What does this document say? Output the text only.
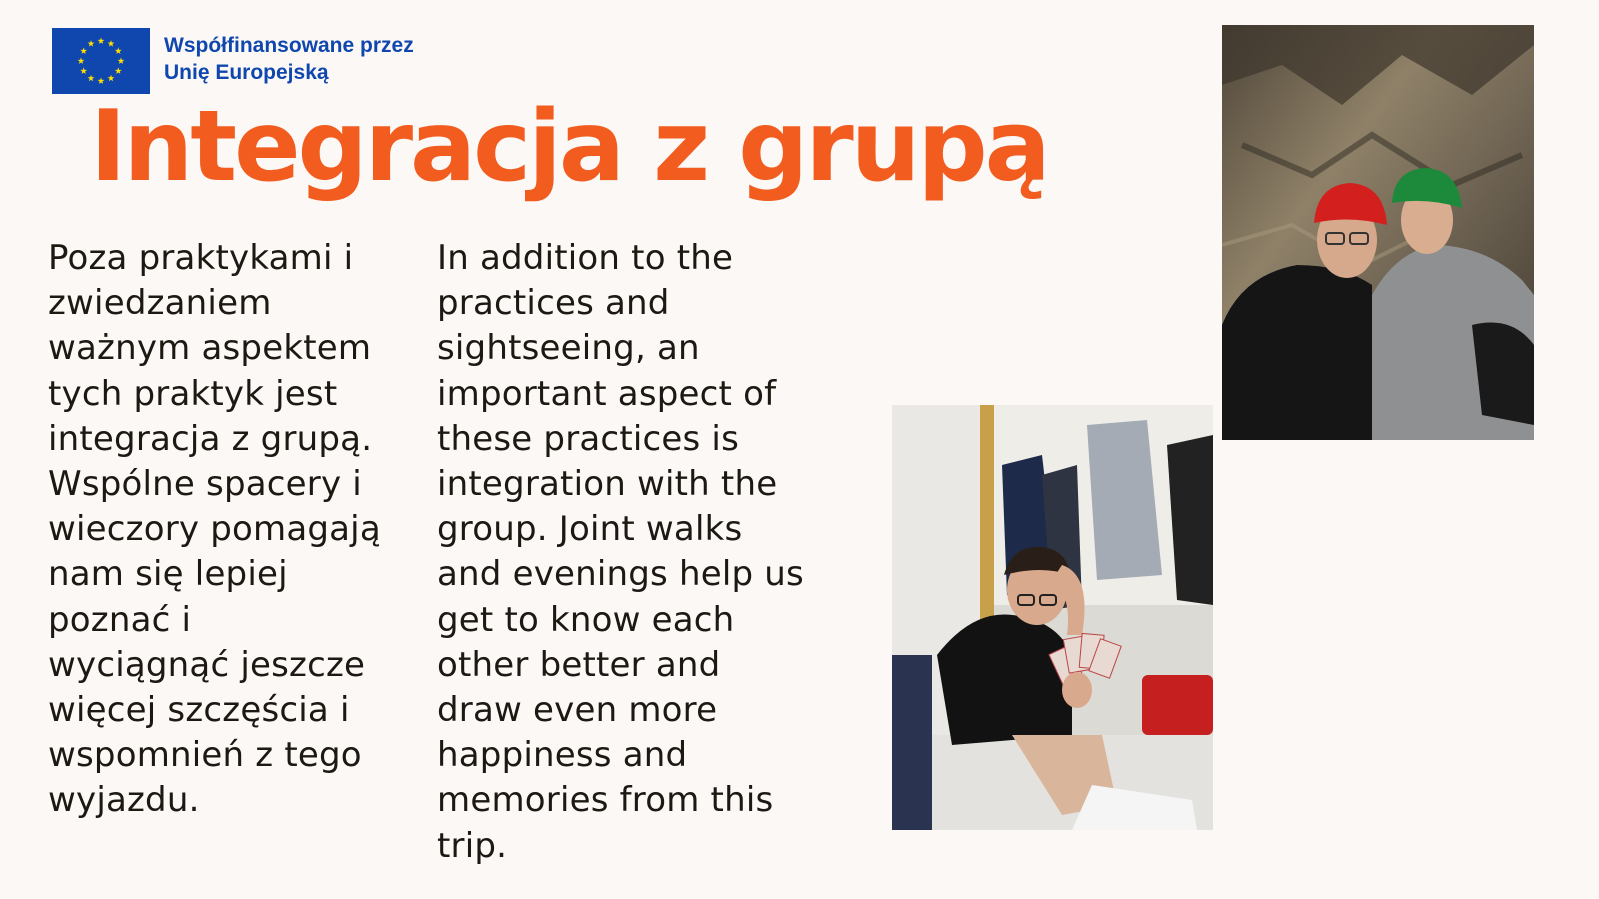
Współfinansowane przez
Unię Europejską
Integracja z grupą
Poza praktykami i
zwiedzaniem
ważnym aspektem
tych praktyk jest
integracja z grupą.
Wspólne spacery i
wieczory pomagają
nam się lepiej
poznać i
wyciągnąć jeszcze
więcej szczęścia i
wspomnień z tego
wyjazdu.
In addition to the
practices and
sightseeing, an
important aspect of
these practices is
integration with the
group. Joint walks
and evenings help us
get to know each
other better and
draw even more
happiness and
memories from this
trip.
